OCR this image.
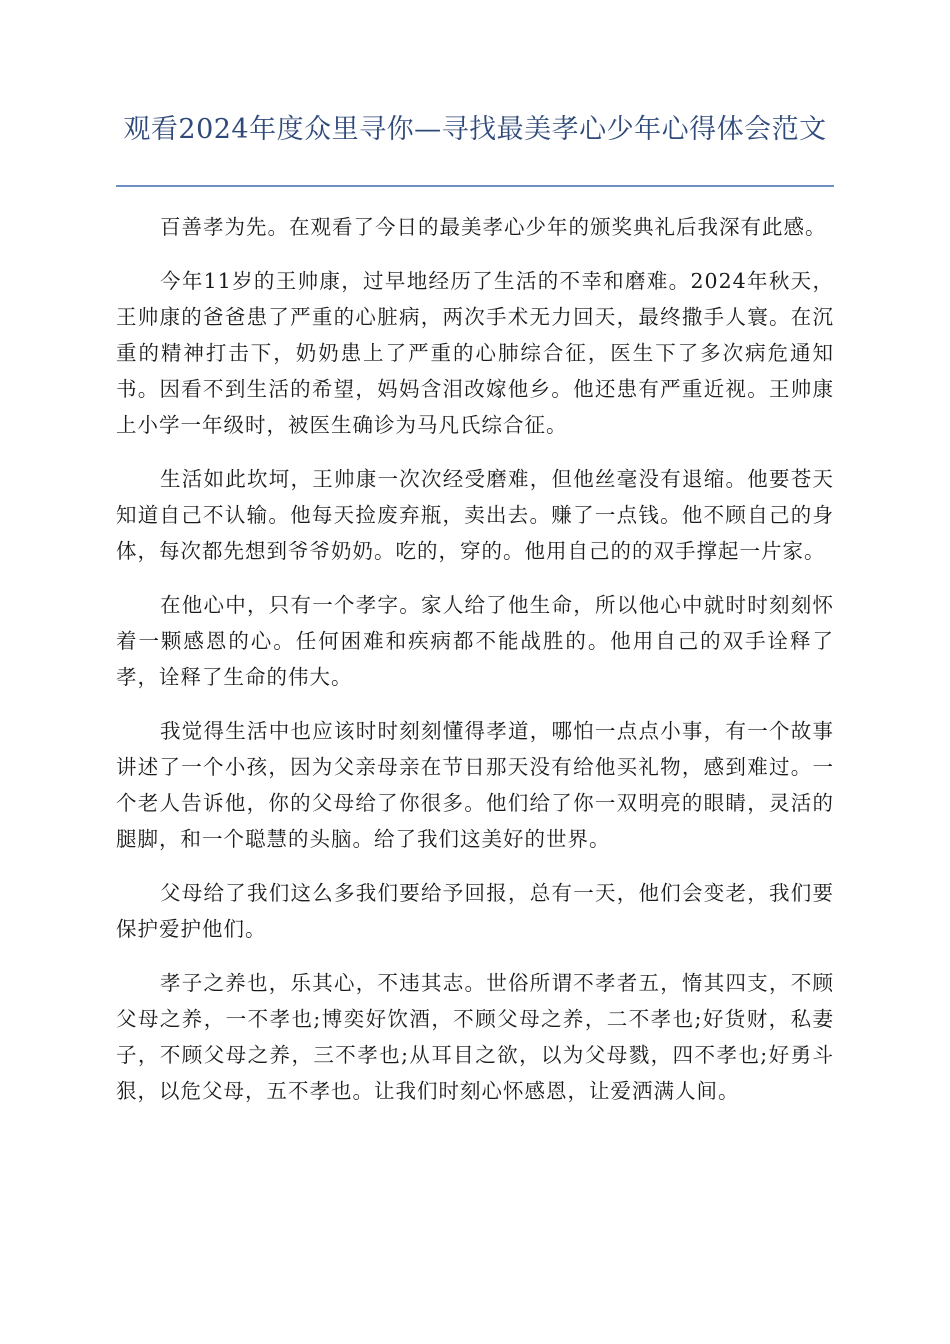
观看2024年度众里寻你—寻找最美孝心少年心得体会范文

百善孝为先。在观看了今日的最美孝心少年的颁奖典礼后我深有此感。

今年11岁的王帅康，过早地经历了生活的不幸和磨难。2024年秋天，王帅康的爸爸患了严重的心脏病，两次手术无力回天，最终撒手人寰。在沉重的精神打击下，奶奶患上了严重的心肺综合征，医生下了多次病危通知书。因看不到生活的希望，妈妈含泪改嫁他乡。他还患有严重近视。王帅康上小学一年级时，被医生确诊为马凡氏综合征。

生活如此坎坷，王帅康一次次经受磨难，但他丝毫没有退缩。他要苍天知道自己不认输。他每天捡废弃瓶，卖出去。赚了一点钱。他不顾自己的身体，每次都先想到爷爷奶奶。吃的，穿的。他用自己的的双手撑起一片家。

在他心中，只有一个孝字。家人给了他生命，所以他心中就时时刻刻怀着一颗感恩的心。任何困难和疾病都不能战胜的。他用自己的双手诠释了孝，诠释了生命的伟大。

我觉得生活中也应该时时刻刻懂得孝道，哪怕一点点小事，有一个故事讲述了一个小孩，因为父亲母亲在节日那天没有给他买礼物，感到难过。一个老人告诉他，你的父母给了你很多。他们给了你一双明亮的眼睛，灵活的腿脚，和一个聪慧的头脑。给了我们这美好的世界。

父母给了我们这么多我们要给予回报，总有一天，他们会变老，我们要保护爱护他们。

孝子之养也，乐其心，不违其志。世俗所谓不孝者五，惰其四支，不顾父母之养，一不孝也;博奕好饮酒，不顾父母之养，二不孝也;好货财，私妻子，不顾父母之养，三不孝也;从耳目之欲，以为父母戮，四不孝也;好勇斗狠，以危父母，五不孝也。让我们时刻心怀感恩，让爱洒满人间。
